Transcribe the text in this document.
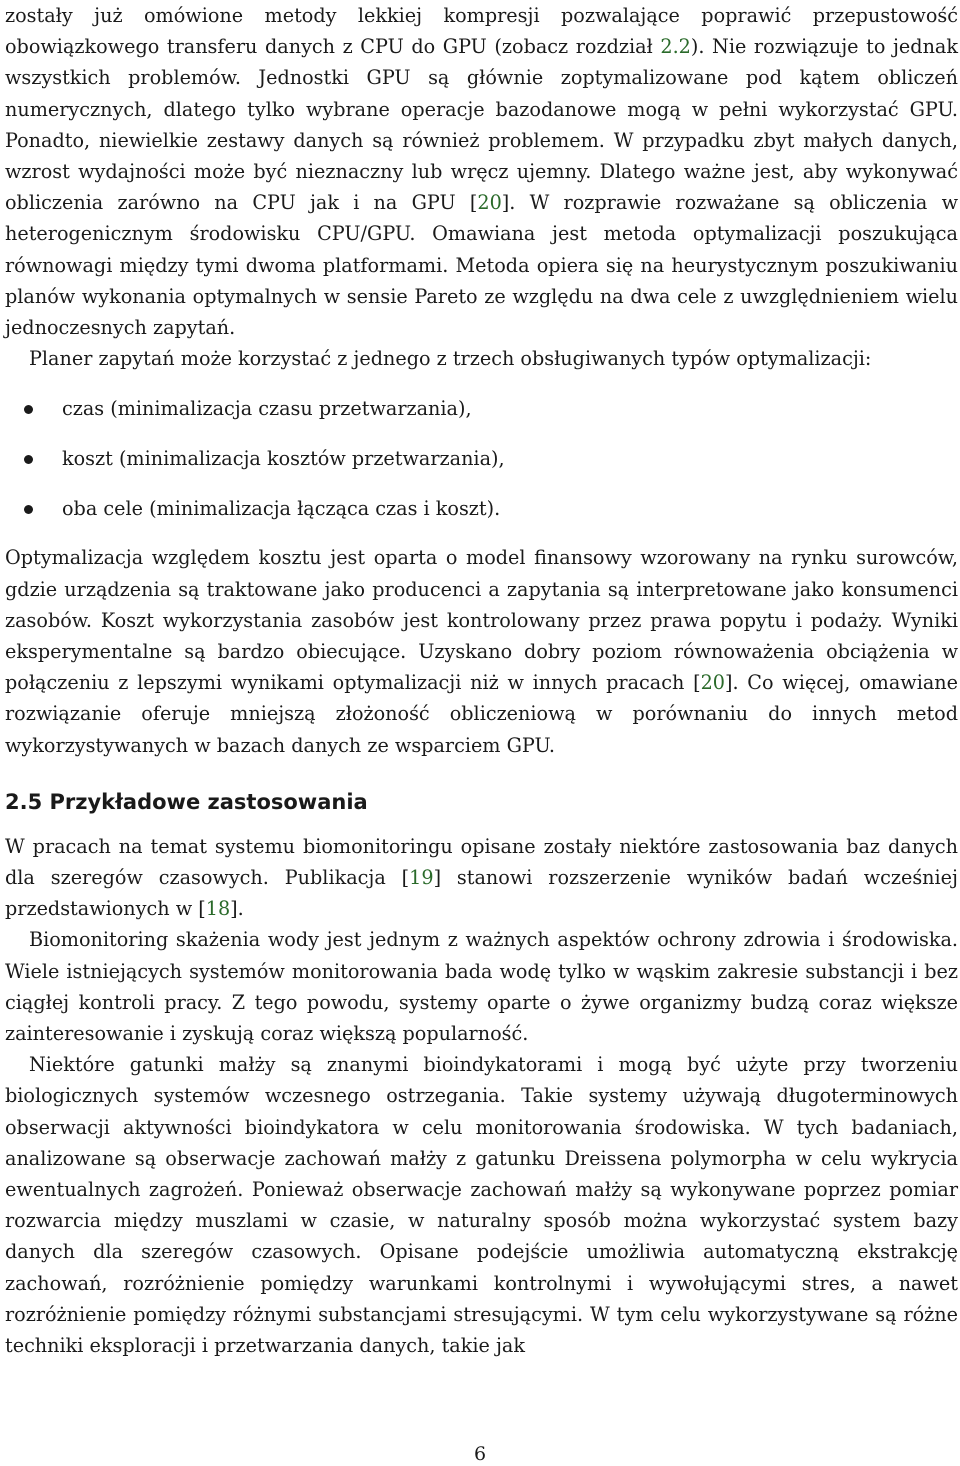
zostały już omówione metody lekkiej kompresji pozwalające poprawić przepustowość obowiązkowego transferu danych z CPU do GPU (zobacz rozdział 2.2). Nie rozwiązuje to jednak wszystkich problemów. Jednostki GPU są głównie zoptymalizowane pod kątem obliczeń numerycznych, dlatego tylko wybrane operacje bazodanowe mogą w pełni wykorzystać GPU. Ponadto, niewielkie zestawy danych są również problemem. W przypadku zbyt małych danych, wzrost wydajności może być nieznaczny lub wręcz ujemny. Dlatego ważne jest, aby wykonywać obliczenia zarówno na CPU jak i na GPU [20]. W rozprawie rozważane są obliczenia w heterogenicznym środowisku CPU/GPU. Omawiana jest metoda optymalizacji poszukująca równowagi między tymi dwoma platformami. Metoda opiera się na heurystycznym poszukiwaniu planów wykonania optymalnych w sensie Pareto ze względu na dwa cele z uwzględnieniem wielu jednoczesnych zapytań.

Planer zapytań może korzystać z jednego z trzech obsługiwanych typów optymalizacji:

czas (minimalizacja czasu przetwarzania),
koszt (minimalizacja kosztów przetwarzania),
oba cele (minimalizacja łącząca czas i koszt).

Optymalizacja względem kosztu jest oparta o model finansowy wzorowany na rynku surowców, gdzie urządzenia są traktowane jako producenci a zapytania są interpretowane jako konsumenci zasobów. Koszt wykorzystania zasobów jest kontrolowany przez prawa popytu i podaży. Wyniki eksperymentalne są bardzo obiecujące. Uzyskano dobry poziom równoważenia obciążenia w połączeniu z lepszymi wynikami optymalizacji niż w innych pracach [20]. Co więcej, omawiane rozwiązanie oferuje mniejszą złożoność obliczeniową w porównaniu do innych metod wykorzystywanych w bazach danych ze wsparciem GPU.

2.5 Przykładowe zastosowania

W pracach na temat systemu biomonitoringu opisane zostały niektóre zastosowania baz danych dla szeregów czasowych. Publikacja [19] stanowi rozszerzenie wyników badań wcześniej przedstawionych w [18].

Biomonitoring skażenia wody jest jednym z ważnych aspektów ochrony zdrowia i środowiska. Wiele istniejących systemów monitorowania bada wodę tylko w wąskim zakresie substancji i bez ciągłej kontroli pracy. Z tego powodu, systemy oparte o żywe organizmy budzą coraz większe zainteresowanie i zyskują coraz większą popularność.

Niektóre gatunki małży są znanymi bioindykatorami i mogą być użyte przy tworzeniu biologicznych systemów wczesnego ostrzegania. Takie systemy używają długoterminowych obserwacji aktywności bioindykatora w celu monitorowania środowiska. W tych badaniach, analizowane są obserwacje zachowań małży z gatunku Dreissena polymorpha w celu wykrycia ewentualnych zagrożeń. Ponieważ obserwacje zachowań małży są wykonywane poprzez pomiar rozwarcia między muszlami w czasie, w naturalny sposób można wykorzystać system bazy danych dla szeregów czasowych. Opisane podejście umożliwia automatyczną ekstrakcję zachowań, rozróżnienie pomiędzy warunkami kontrolnymi i wywołującymi stres, a nawet rozróżnienie pomiędzy różnymi substancjami stresującymi. W tym celu wykorzystywane są różne techniki eksploracji i przetwarzania danych, takie jak

6
